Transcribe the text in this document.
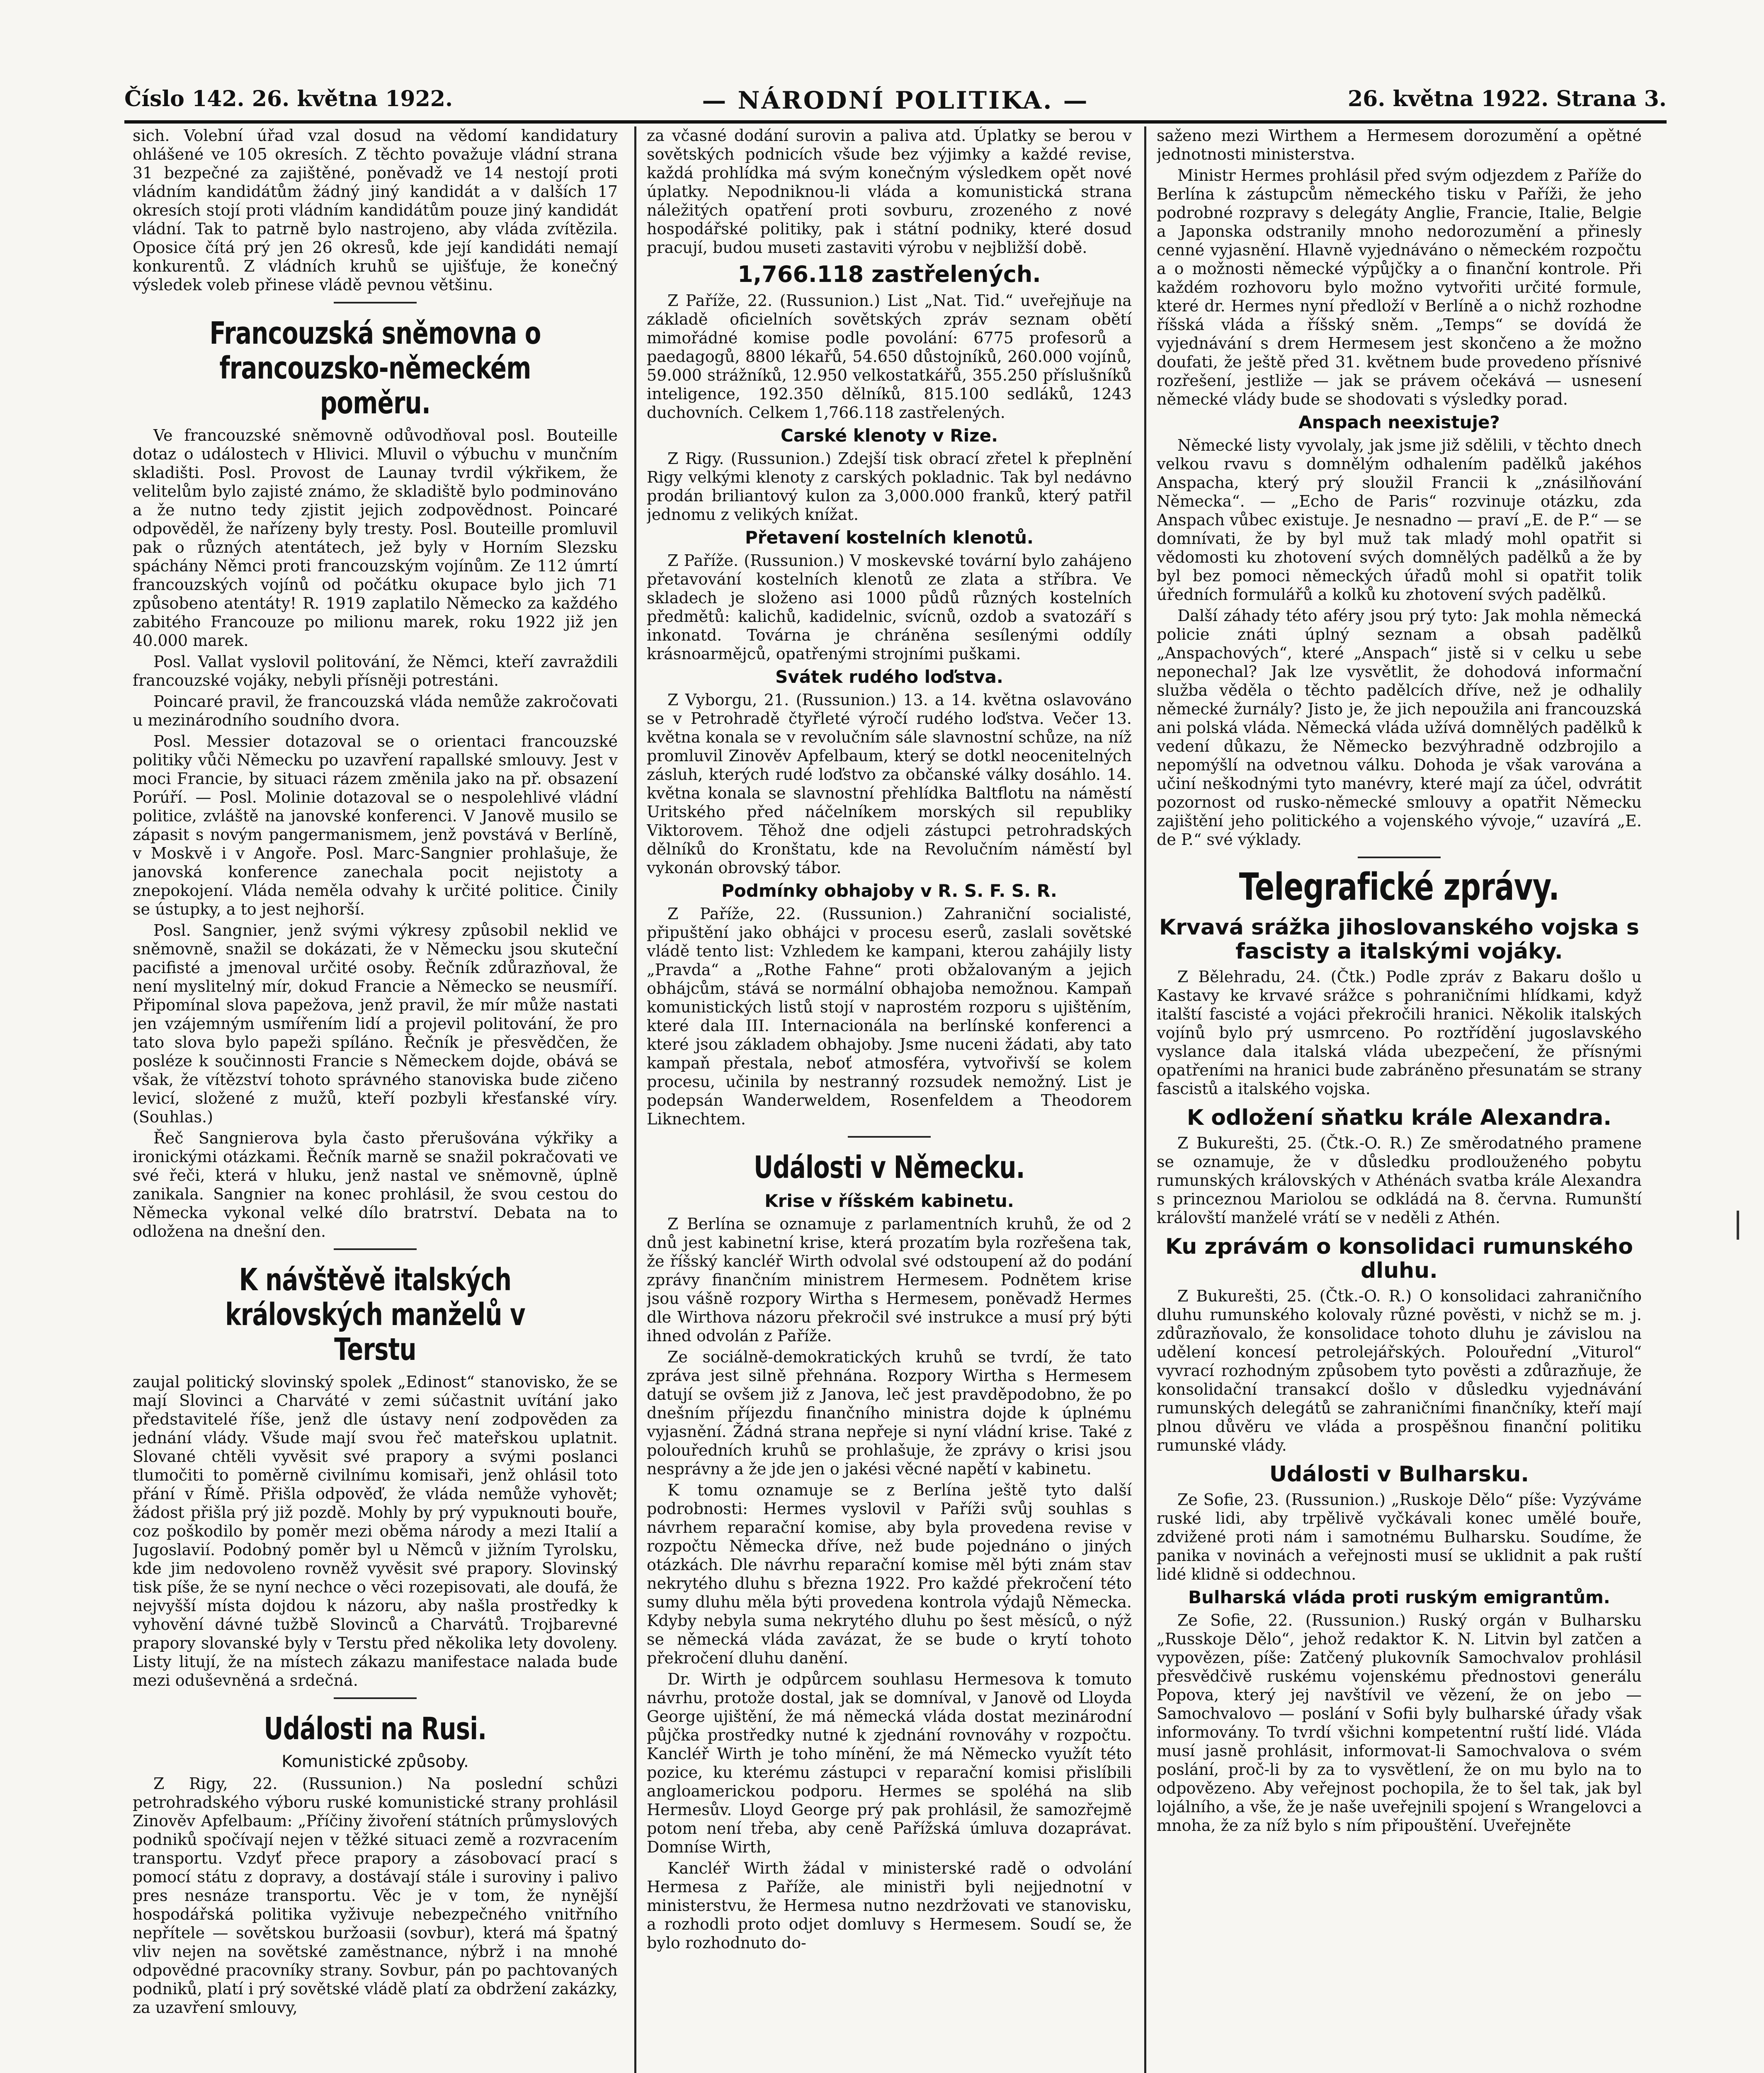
Číslo 142. 26. května 1922.	— NÁRODNÍ POLITIKA. —	26. května 1922. Strana 3.

sich. Volební úřad vzal dosud na vědomí kandidatury ohlášené ve 105 okresích. Z těchto považuje vládní strana 31 bezpečné za zajištěné, poněvadž ve 14 nestojí proti vládním kandidátům žádný jiný kandidát a v dalších 17 okresích stojí proti vládním kandidátům pouze jiný kandidát vládní. Tak to patrně bylo nastrojeno, aby vláda zvítězila. Oposice čítá prý jen 26 okresů, kde její kandidáti nemají konkurentů. Z vládních kruhů se ujišťuje, že konečný výsledek voleb přinese vládě pevnou většinu.

Francouzská sněmovna o francouzsko-německém poměru.

Ve francouzské sněmovně odůvodňoval posl. Bouteille dotaz o událostech v Hlivici. Mluvil o výbuchu v munčním skladišti. Posl. Provost de Launay tvrdil výkřikem, že velitelům bylo zajisté známo, že skladiště bylo podminováno a že nutno tedy zjistit jejich zodpovědnost. Poincaré odpověděl, že nařízeny byly tresty. Posl. Bouteille promluvil pak o různých atentátech, jež byly v Horním Slezsku spáchány Němci proti francouzským vojínům. Ze 112 úmrtí francouzských vojínů od počátku okupace bylo jich 71 způsobeno atentáty! R. 1919 zaplatilo Německo za každého zabitého Francouze po milionu marek, roku 1922 již jen 40.000 marek.

Posl. Vallat vyslovil politování, že Němci, kteří zavraždili francouzské vojáky, nebyli přísněji potrestáni.

Poincaré pravil, že francouzská vláda nemůže zakročovati u mezinárodního soudního dvora.

Posl. Messier dotazoval se o orientaci francouzské politiky vůči Německu po uzavření rapallské smlouvy. Jest v moci Francie, by situaci rázem změnila jako na př. obsazení Porúří. — Posl. Molinie dotazoval se o nespolehlivé vládní politice, zvláště na janovské konferenci. V Janově musilo se zápasit s novým pangermanismem, jenž povstává v Berlíně, v Moskvě i v Angoře. Posl. Marc-Sangnier prohlašuje, že janovská konference zanechala pocit nejistoty a znepokojení. Vláda neměla odvahy k určité politice. Činily se ústupky, a to jest nejhorší.

Posl. Sangnier, jenž svými výkresy způsobil neklid ve sněmovně, snažil se dokázati, že v Německu jsou skuteční pacifisté a jmenoval určité osoby. Řečník zdůrazňoval, že není myslitelný mír, dokud Francie a Německo se neusmíří. Připomínal slova papežova, jenž pravil, že mír může nastati jen vzájemným usmířením lidí a projevil politování, že pro tato slova bylo papeži spíláno. Řečník je přesvědčen, že posléze k součinnosti Francie s Německem dojde, obává se však, že vítězství tohoto správného stanoviska bude zičeno levicí, složené z mužů, kteří pozbyli křesťanské víry. (Souhlas.)

Řeč Sangnierova byla často přerušována výkřiky a ironickými otázkami. Řečník marně se snažil pokračovati ve své řeči, která v hluku, jenž nastal ve sněmovně, úplně zanikala. Sangnier na konec prohlásil, že svou cestou do Německa vykonal velké dílo bratrství. Debata na to odložena na dnešní den.

K návštěvě italských královských manželů v Terstu

zaujal politický slovinský spolek „Edinost“ stanovisko, že se mají Slovinci a Charváté v zemi súčastnit uvítání jako představitelé říše, jenž dle ústavy není zodpověden za jednání vlády. Všude mají svou řeč mateřskou uplatnit. Slované chtěli vyvěsit své prapory a svými poslanci tlumočiti to poměrně civilnímu komisaři, jenž ohlásil toto přání v Římě. Přišla odpověď, že vláda nemůže vyhovět; žádost přišla prý již pozdě. Mohly by prý vypuknouti bouře, coz poškodilo by poměr mezi oběma národy a mezi Italií a Jugoslavií. Podobný poměr byl u Němců v jižním Tyrolsku, kde jim nedovoleno rovněž vyvěsit své prapory. Slovinský tisk píše, že se nyní nechce o věci rozepisovati, ale doufá, že nejvyšší místa dojdou k názoru, aby našla prostředky k vyhovění dávné tužbě Slovinců a Charvátů. Trojbarevné prapory slovanské byly v Terstu před několika lety dovoleny. Listy litují, že na místech zákazu manifestace nalada bude mezi oduševněná a srdečná.

Události na Rusi.
Komunistické způsoby.

Z Rigy, 22. (Russunion.) Na poslední schůzi petrohradského výboru ruské komunistické strany prohlásil Zinověv Apfelbaum: „Příčiny živoření státních průmyslových podniků spočívají nejen v těžké situaci země a rozvracením transportu. Vzdyť přece prapory a zásobovací prací s pomocí státu z dopravy, a dostávají stále i suroviny i palivo pres nesnáze transportu. Věc je v tom, že nynější hospodářská politika vyživuje nebezpečného vnitřního nepřítele — sovětskou buržoasii (sovbur), která má špatný vliv nejen na sovětské zaměstnance, nýbrž i na mnohé odpovědné pracovníky strany. Sovbur, pán po pachtovaných podniků, platí i prý sovětské vládě platí za obdržení zakázky, za uzavření smlouvy,

za včasné dodání surovin a paliva atd. Úplatky se berou v sovětských podnicích všude bez výjimky a každé revise, každá prohlídka má svým konečným výsledkem opět nové úplatky. Nepodniknou-li vláda a komunistická strana náležitých opatření proti sovburu, zrozeného z nové hospodářské politiky, pak i státní podniky, které dosud pracují, budou museti zastaviti výrobu v nejbližší době.

1,766.118 zastřelených.

Z Paříže, 22. (Russunion.) List „Nat. Tid.“ uveřejňuje na základě oficielních sovětských zpráv seznam obětí mimořádné komise podle povolání: 6775 profesorů a paedagogů, 8800 lékařů, 54.650 důstojníků, 260.000 vojínů, 59.000 strážníků, 12.950 velkostatkářů, 355.250 příslušníků inteligence, 192.350 dělníků, 815.100 sedláků, 1243 duchovních. Celkem 1,766.118 zastřelených.

Carské klenoty v Rize.

Z Rigy. (Russunion.) Zdejší tisk obrací zřetel k přeplnění Rigy velkými klenoty z carských pokladnic. Tak byl nedávno prodán briliantový kulon za 3,000.000 franků, který patřil jednomu z velikých knížat.

Přetavení kostelních klenotů.

Z Paříže. (Russunion.) V moskevské tovární bylo zahájeno přetavování kostelních klenotů ze zlata a stříbra. Ve skladech je složeno asi 1000 půdů různých kostelních předmětů: kalichů, kadidelnic, svícnů, ozdob a svatozáří s inkonatd. Továrna je chráněna sesílenými oddíly krásnoarmějců, opatřenými strojními puškami.

Svátek rudého loďstva.

Z Vyborgu, 21. (Russunion.) 13. a 14. května oslavováno se v Petrohradě čtyřleté výročí rudého loďstva. Večer 13. května konala se v revolučním sále slavnostní schůze, na níž promluvil Zinověv Apfelbaum, který se dotkl neocenitelných zásluh, kterých rudé loďstvo za občanské války dosáhlo. 14. května konala se slavnostní přehlídka Baltflotu na náměstí Uritského před náčelníkem morských sil republiky Viktorovem. Těhož dne odjeli zástupci petrohradských dělníků do Kronštatu, kde na Revolučním náměstí byl vykonán obrovský tábor.

Podmínky obhajoby v R. S. F. S. R.

Z Paříže, 22. (Russunion.) Zahraniční socialisté, připuštění jako obhájci v procesu eserů, zaslali sovětské vládě tento list: Vzhledem ke kampani, kterou zahájily listy „Pravda“ a „Rothe Fahne“ proti obžalovaným a jejich obhájcům, stává se normální obhajoba nemožnou. Kampaň komunistických listů stojí v naprostém rozporu s ujištěním, které dala III. Internacionála na berlínské konferenci a které jsou základem obhajoby. Jsme nuceni žádati, aby tato kampaň přestala, neboť atmosféra, vytvořivší se kolem procesu, učinila by nestranný rozsudek nemožný. List je podepsán Wanderweldem, Rosenfeldem a Theodorem Liknechtem.

Události v Německu.
Krise v říšském kabinetu.

Z Berlína se oznamuje z parlamentních kruhů, že od 2 dnů jest kabinetní krise, která prozatím byla rozřešena tak, že říšský kancléř Wirth odvolal své odstoupení až do podání zprávy finančním ministrem Hermesem. Podnětem krise jsou vášně rozpory Wirtha s Hermesem, poněvadž Hermes dle Wirthova názoru překročil své instrukce a musí prý býti ihned odvolán z Paříže.

Ze sociálně-demokratických kruhů se tvrdí, že tato zpráva jest silně přehnána. Rozpory Wirtha s Hermesem datují se ovšem již z Janova, leč jest pravděpodobno, že po dnešním příjezdu finančního ministra dojde k úplnému vyjasnění. Žádná strana nepřeje si nyní vládní krise. Také z polouředních kruhů se prohlašuje, že zprávy o krisi jsou nesprávny a že jde jen o jakési věcné napětí v kabinetu.

K tomu oznamuje se z Berlína ještě tyto další podrobnosti: Hermes vyslovil v Paříži svůj souhlas s návrhem reparační komise, aby byla provedena revise v rozpočtu Německa dříve, než bude pojednáno o jiných otázkách. Dle návrhu reparační komise měl býti znám stav nekrytého dluhu s března 1922. Pro každé překročení této sumy dluhu měla býti provedena kontrola výdajů Německa. Kdyby nebyla suma nekrytého dluhu po šest měsíců, o nýž se německá vláda zavázat, že se bude o krytí tohoto překročení dluhu danění.

Dr. Wirth je odpůrcem souhlasu Hermesova k tomuto návrhu, protože dostal, jak se domníval, v Janově od Lloyda George ujištění, že má německá vláda dostat mezinárodní půjčka prostředky nutné k zjednání rovnováhy v rozpočtu. Kancléř Wirth je toho mínění, že má Německo využít této pozice, ku kterému zástupci v reparační komisi přislíbili angloamerickou podporu. Hermes se spoléhá na slib Hermesův. Lloyd George prý pak prohlásil, že samozřejmě potom není třeba, aby ceně Pařížská úmluva dozaprávat. Domníse Wirth,

Kancléř Wirth žádal v ministerské radě o odvolání Hermesa z Paříže, ale ministři byli nejjednotní v ministerstvu, že Hermesa nutno nezdržovati ve stanovisku, a rozhodli proto odjet domluvy s Hermesem. Soudí se, že bylo rozhodnuto do-

saženo mezi Wirthem a Hermesem dorozumění a opětné jednotnosti ministerstva.

Ministr Hermes prohlásil před svým odjezdem z Paříže do Berlína k zástupcům německého tisku v Paříži, že jeho podrobné rozpravy s delegáty Anglie, Francie, Italie, Belgie a Japonska odstranily mnoho nedorozumění a přinesly cenné vyjasnění. Hlavně vyjednáváno o německém rozpočtu a o možnosti německé výpůjčky a o finanční kontrole. Při každém rozhovoru bylo možno vytvořiti určité formule, které dr. Hermes nyní předloží v Berlíně a o nichž rozhodne říšská vláda a říšský sněm. „Temps“ se dovídá že vyjednávání s drem Hermesem jest skončeno a že možno doufati, že ještě před 31. květnem bude provedeno přísnivé rozřešení, jestliže — jak se právem očekává — usnesení německé vlády bude se shodovati s výsledky porad.

Anspach neexistuje?

Německé listy vyvolaly, jak jsme již sdělili, v těchto dnech velkou rvavu s domnělým odhalením padělků jakéhos Anspacha, který prý sloužil Francii k „znásilňování Německa“. — „Echo de Paris“ rozvinuje otázku, zda Anspach vůbec existuje. Je nesnadno — praví „E. de P.“ — se domnívati, že by byl muž tak mladý mohl opatřit si vědomosti ku zhotovení svých domnělých padělků a že by byl bez pomoci německých úřadů mohl si opatřit tolik úředních formulářů a kolků ku zhotovení svých padělků.

Další záhady této aféry jsou prý tyto: Jak mohla německá policie znáti úplný seznam a obsah padělků „Anspachových“, které „Anspach“ jistě si v celku u sebe neponechal? Jak lze vysvětlit, že dohodová informační služba věděla o těchto padělcích dříve, než je odhalily německé žurnály? Jisto je, že jich nepoužila ani francouzská ani polská vláda. Německá vláda užívá domnělých padělků k vedení důkazu, že Německo bezvýhradně odzbrojilo a nepomýšlí na odvetnou válku. Dohoda je však varována a učiní neškodnými tyto manévry, které mají za účel, odvrátit pozornost od rusko-německé smlouvy a opatřit Německu zajištění jeho politického a vojenského vývoje,“ uzavírá „E. de P.“ své výklady.

Telegrafické zprávy.
Krvavá srážka jihoslovanského vojska s fascisty a italskými vojáky.

Z Bělehradu, 24. (Čtk.) Podle zpráv z Bakaru došlo u Kastavy ke krvavé srážce s pohraničními hlídkami, když italští fascisté a vojáci překročili hranici. Několik italských vojínů bylo prý usmrceno. Po roztřídění jugoslavského vyslance dala italská vláda ubezpečení, že přísnými opatřeními na hranici bude zabráněno přesunatám se strany fascistů a italského vojska.

K odložení sňatku krále Alexandra.

Z Bukurešti, 25. (Čtk.-O. R.) Ze směrodatného pramene se oznamuje, že v důsledku prodlouženého pobytu rumunských královských v Athénách svatba krále Alexandra s princeznou Mariolou se odkládá na 8. června. Rumunští královští manželé vrátí se v neděli z Athén.

Ku zprávám o konsolidaci rumunského dluhu.

Z Bukurešti, 25. (Čtk.-O. R.) O konsolidaci zahraničního dluhu rumunského kolovaly různé pověsti, v nichž se m. j. zdůrazňovalo, že konsolidace tohoto dluhu je závislou na udělení koncesí petrolejářských. Polouřední „Viturol“ vyvrací rozhodným způsobem tyto pověsti a zdůrazňuje, že konsolidační transakcí došlo v důsledku vyjednávání rumunských delegátů se zahraničními finančníky, kteří mají plnou důvěru ve vláda a prospěšnou finanční politiku rumunské vlády.

Události v Bulharsku.

Ze Sofie, 23. (Russunion.) „Ruskoje Dělo“ píše: Vyzýváme ruské lidi, aby trpělivě vyčkávali konec umělé bouře, zdvižené proti nám i samotnému Bulharsku. Soudíme, že panika v novinách a veřejnosti musí se uklidnit a pak ruští lidé klidně si oddechnou.

Bulharská vláda proti ruským emigrantům.

Ze Sofie, 22. (Russunion.) Ruský orgán v Bulharsku „Russkoje Dělo“, jehož redaktor K. N. Litvin byl zatčen a vypovězen, píše: Zatčený plukovník Samochvalov prohlásil přesvědčivě ruskému vojenskému přednostovi generálu Popova, který jej navštívil ve vězení, že on jebo — Samochvalovo — poslání v Sofii byly bulharské úřady však informovány. To tvrdí všichni kompetentní ruští lidé. Vláda musí jasně prohlásit, informovat-li Samochvalova o svém poslání, proč-li by za to vysvětlení, že on mu bylo na to odpovězeno. Aby veřejnost pochopila, že to šel tak, jak byl lojálního, a vše, že je naše uveřejnili spojení s Wrangelovci a mnoha, že za níž bylo s ním připouštění. Uveřejněte
